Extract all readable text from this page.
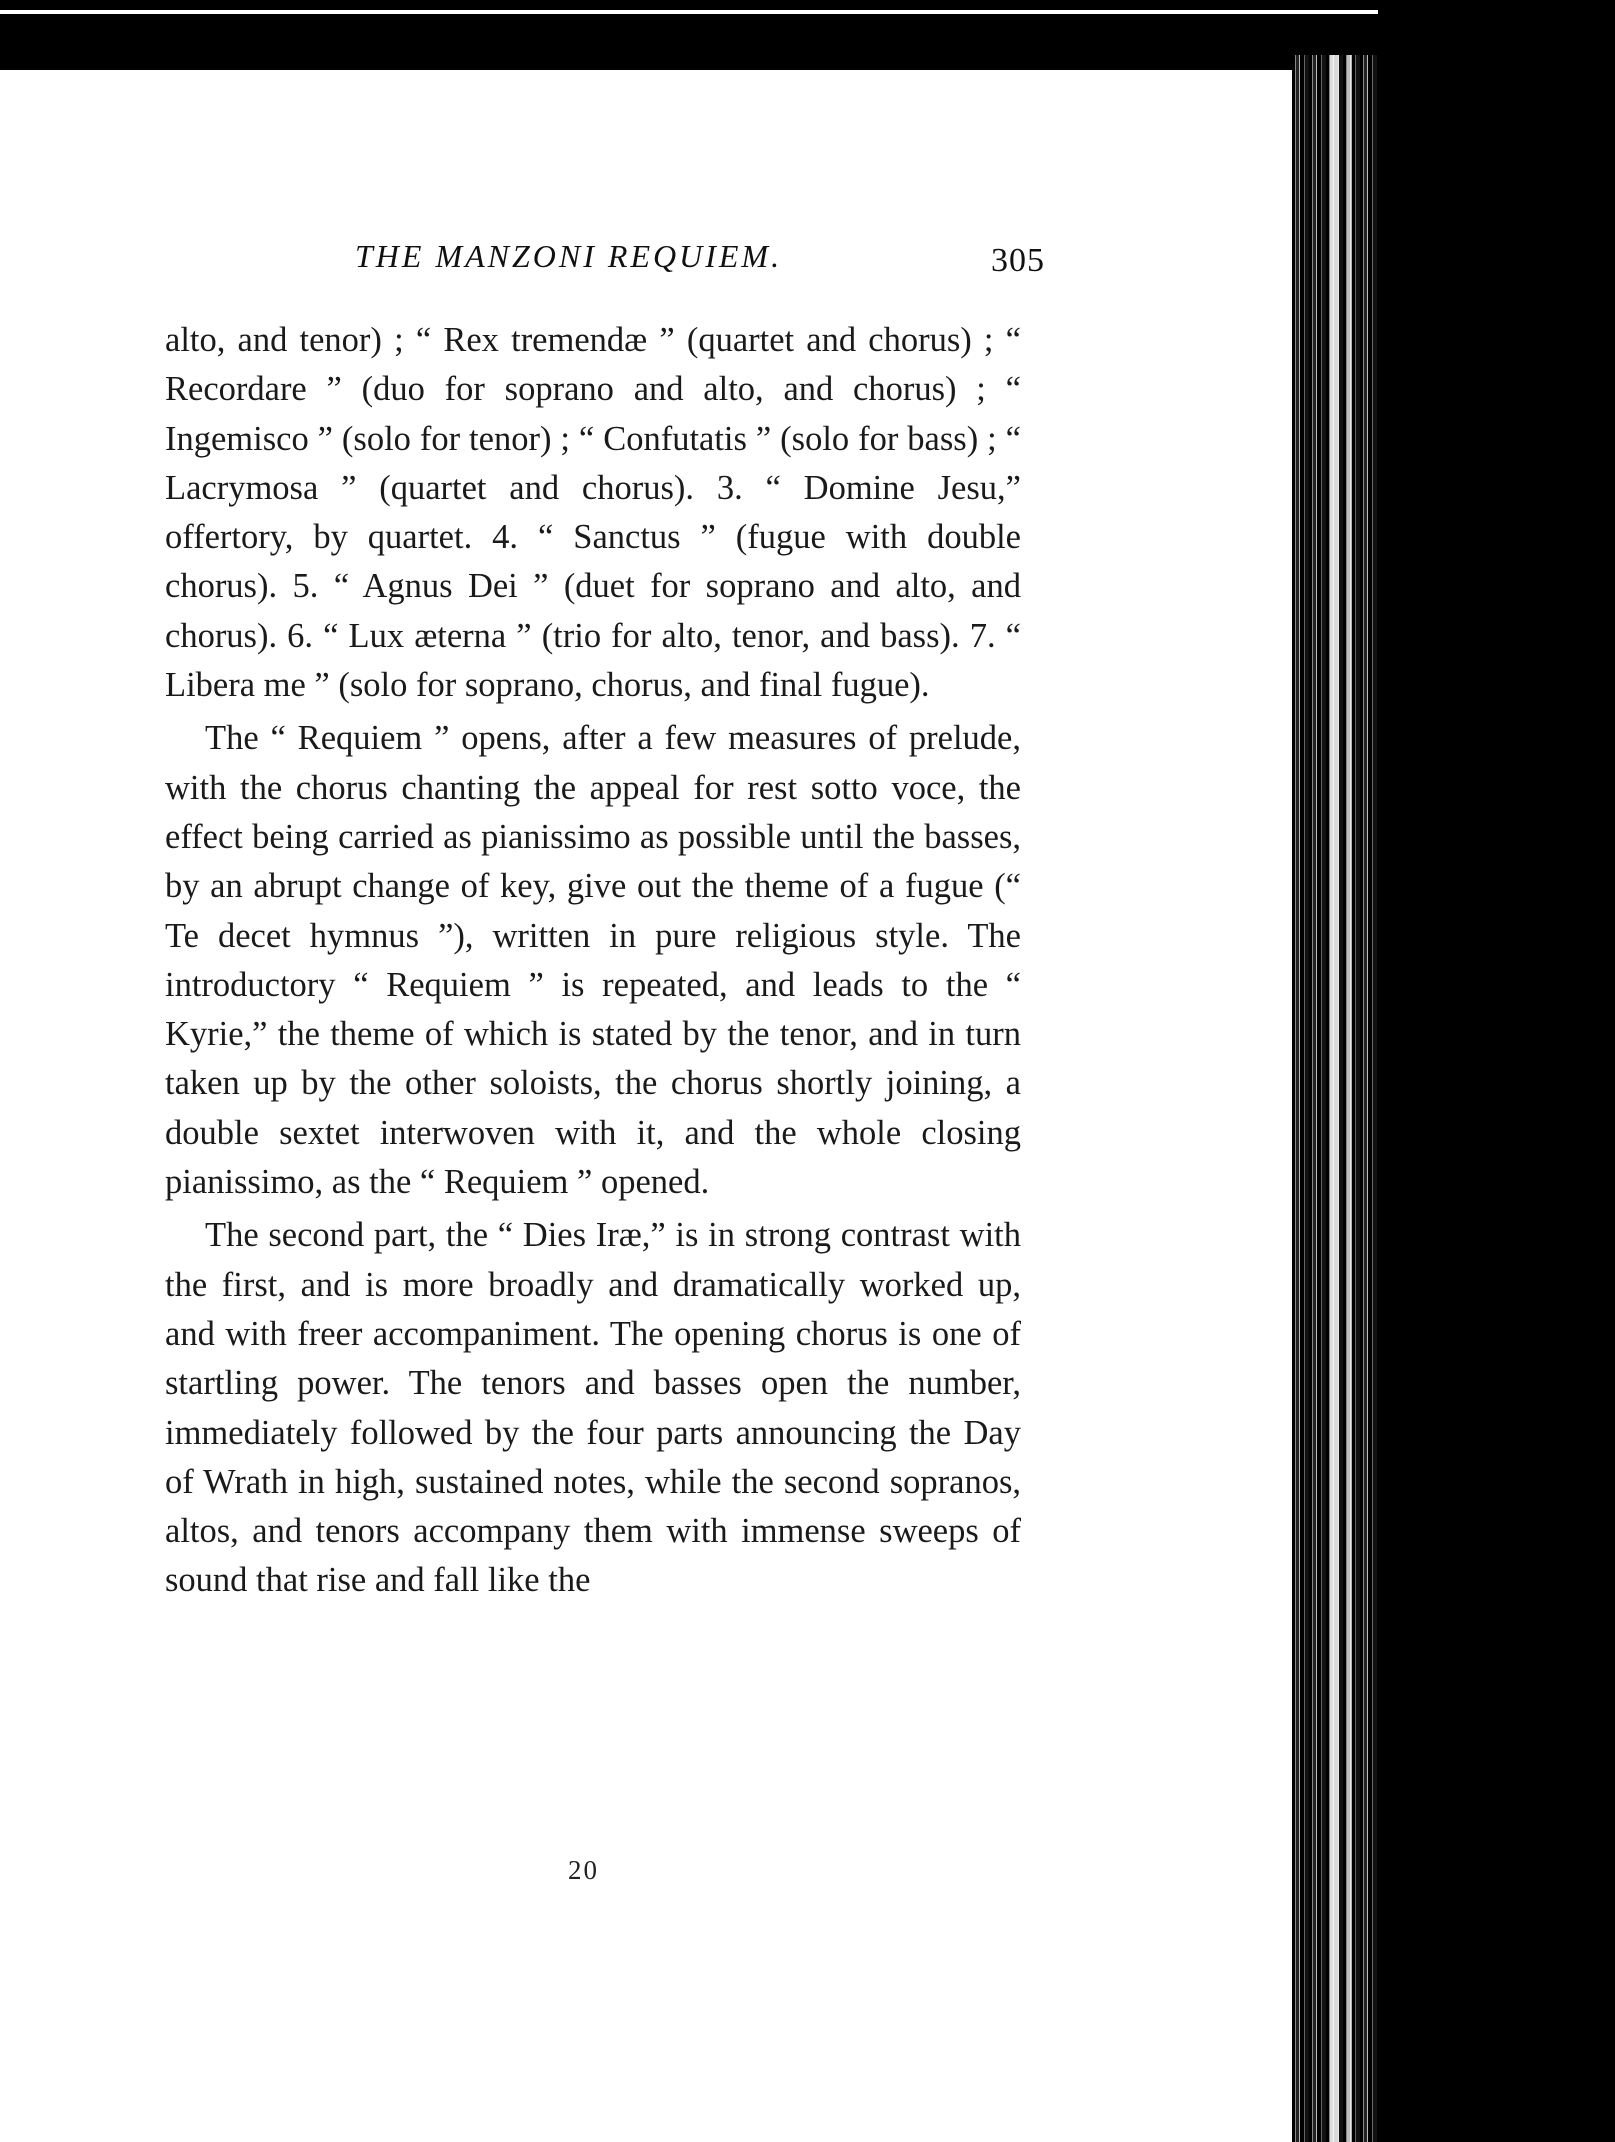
THE MANZONI REQUIEM.	305

alto, and tenor) ; “ Rex tremendæ ” (quartet and chorus) ; “ Recordare ” (duo for soprano and alto, and chorus) ; “ Ingemisco ” (solo for tenor) ; “ Confutatis ” (solo for bass) ; “ Lacrymosa ” (quartet and chorus). 3. “ Domine Jesu,” offertory, by quartet. 4. “ Sanctus ” (fugue with double chorus). 5. “ Agnus Dei ” (duet for soprano and alto, and chorus). 6. “ Lux æterna ” (trio for alto, tenor, and bass). 7. “ Libera me ” (solo for soprano, chorus, and final fugue).

The “ Requiem ” opens, after a few measures of prelude, with the chorus chanting the appeal for rest sotto voce, the effect being carried as pianissimo as possible until the basses, by an abrupt change of key, give out the theme of a fugue (“ Te decet hymnus ”), written in pure religious style. The introductory “ Requiem ” is repeated, and leads to the “ Kyrie,” the theme of which is stated by the tenor, and in turn taken up by the other soloists, the chorus shortly joining, a double sextet interwoven with it, and the whole closing pianissimo, as the “ Requiem ” opened.

The second part, the “ Dies Iræ,” is in strong contrast with the first, and is more broadly and dramatically worked up, and with freer accompaniment. The opening chorus is one of startling power. The tenors and basses open the number, immediately followed by the four parts announcing the Day of Wrath in high, sustained notes, while the second sopranos, altos, and tenors accompany them with immense sweeps of sound that rise and fall like the

20
